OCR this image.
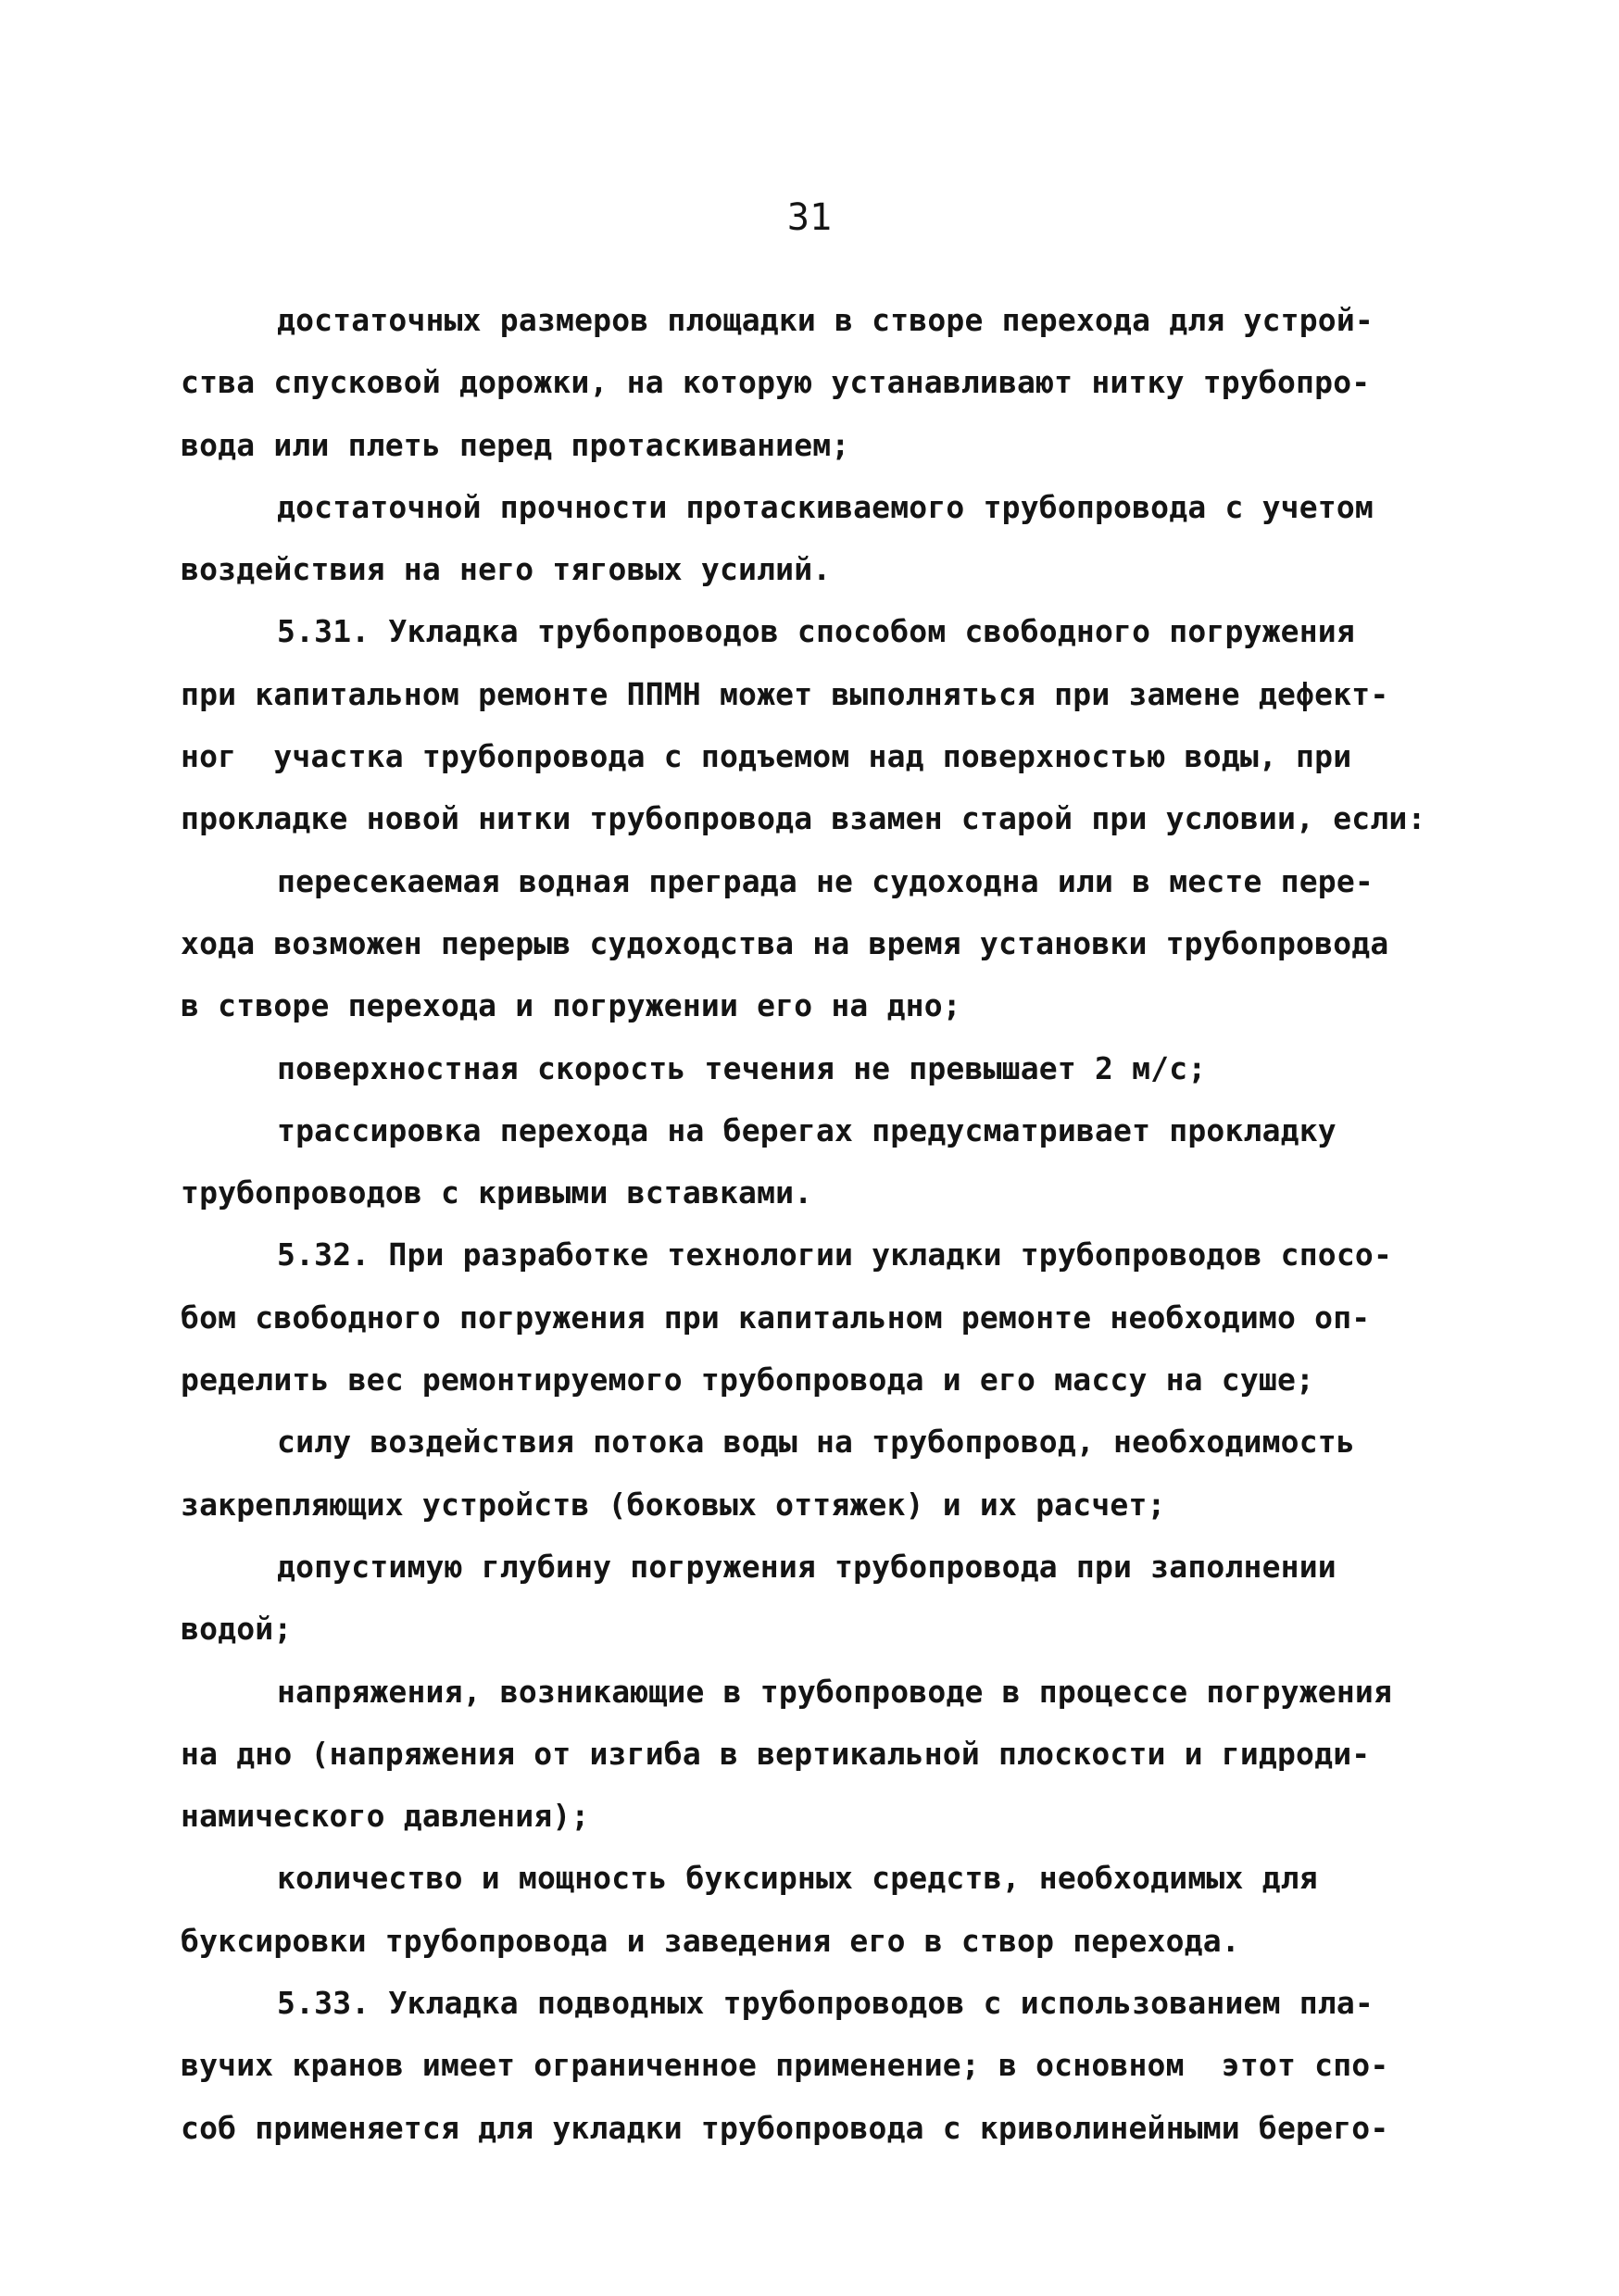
31
достаточных размеров площадки в створе перехода для устрой-
ства спусковой дорожки, на которую устанавливают нитку трубопро-
вода или плеть перед протаскиванием;
достаточной прочности протаскиваемого трубопровода с учетом
воздействия на него тяговых усилий.
5.31. Укладка трубопроводов способом свободного погружения
при капитальном ремонте ППМН может выполняться при замене дефект-
ног  участка трубопровода с подъемом над поверхностью воды, при
прокладке новой нитки трубопровода взамен старой при условии, если:
пересекаемая водная преграда не судоходна или в месте пере-
хода возможен перерыв судоходства на время установки трубопровода
в створе перехода и погружении его на дно;
поверхностная скорость течения не превышает 2 м/с;
трассировка перехода на берегах предусматривает прокладку
трубопроводов с кривыми вставками.
5.32. При разработке технологии укладки трубопроводов спосо-
бом свободного погружения при капитальном ремонте необходимо оп-
ределить вес ремонтируемого трубопровода и его массу на суше;
силу воздействия потока воды на трубопровод, необходимость
закрепляющих устройств (боковых оттяжек) и их расчет;
допустимую глубину погружения трубопровода при заполнении
водой;
напряжения, возникающие в трубопроводе в процессе погружения
на дно (напряжения от изгиба в вертикальной плоскости и гидроди-
намического давления);
количество и мощность буксирных средств, необходимых для
буксировки трубопровода и заведения его в створ перехода.
5.33. Укладка подводных трубопроводов с использованием пла-
вучих кранов имеет ограниченное применение; в основном  этот спо-
соб применяется для укладки трубопровода с криволинейными берего-
